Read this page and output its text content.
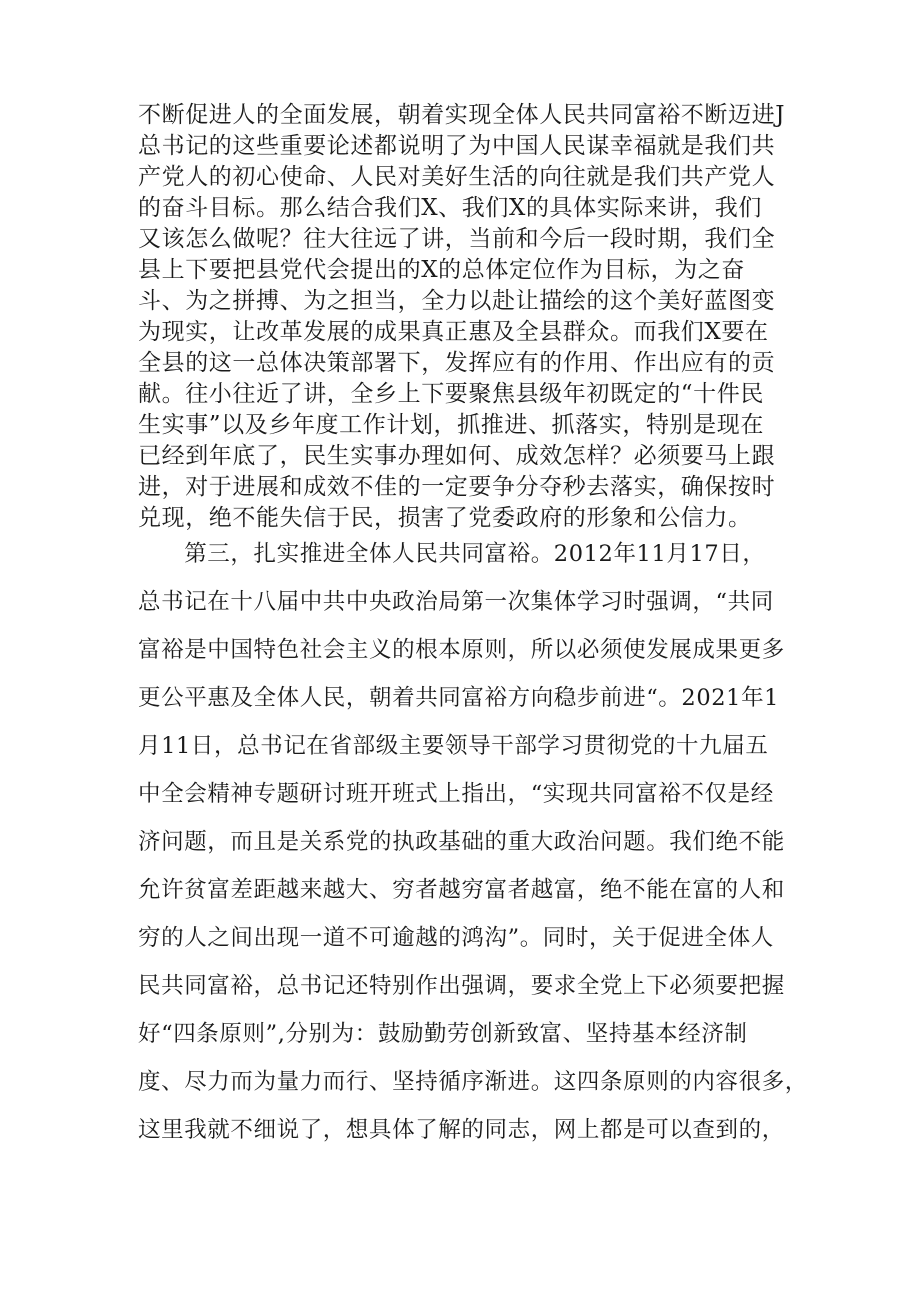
不断促进人的全面发展，朝着实现全体人民共同富裕不断迈进J
总书记的这些重要论述都说明了为中国人民谋幸福就是我们共
产党人的初心使命、人民对美好生活的向往就是我们共产党人
的奋斗目标。那么结合我们X、我们X的具体实际来讲，我们
又该怎么做呢？往大往远了讲，当前和今后一段时期，我们全
县上下要把县党代会提出的X的总体定位作为目标，为之奋
斗、为之拼搏、为之担当，全力以赴让描绘的这个美好蓝图变
为现实，让改革发展的成果真正惠及全县群众。而我们X要在
全县的这一总体决策部署下，发挥应有的作用、作出应有的贡
献。往小往近了讲，全乡上下要聚焦县级年初既定的“十件民
生实事”以及乡年度工作计划，抓推进、抓落实，特别是现在
已经到年底了，民生实事办理如何、成效怎样？必须要马上跟
进，对于进展和成效不佳的一定要争分夺秒去落实，确保按时
兑现，绝不能失信于民，损害了党委政府的形象和公信力。
　　第三，扎实推进全体人民共同富裕。2012年11月17日，
总书记在十八届中共中央政治局第一次集体学习时强调，“共同
富裕是中国特色社会主义的根本原则，所以必须使发展成果更多
更公平惠及全体人民，朝着共同富裕方向稳步前进“。2021年1
月11日，总书记在省部级主要领导干部学习贯彻党的十九届五
中全会精神专题研讨班开班式上指出，“实现共同富裕不仅是经
济问题，而且是关系党的执政基础的重大政治问题。我们绝不能
允许贫富差距越来越大、穷者越穷富者越富，绝不能在富的人和
穷的人之间出现一道不可逾越的鸿沟”。同时，关于促进全体人
民共同富裕，总书记还特别作出强调，要求全党上下必须要把握
好“四条原则”,分别为：鼓励勤劳创新致富、坚持基本经济制
度、尽力而为量力而行、坚持循序渐进。这四条原则的内容很多，
这里我就不细说了，想具体了解的同志，网上都是可以查到的，
